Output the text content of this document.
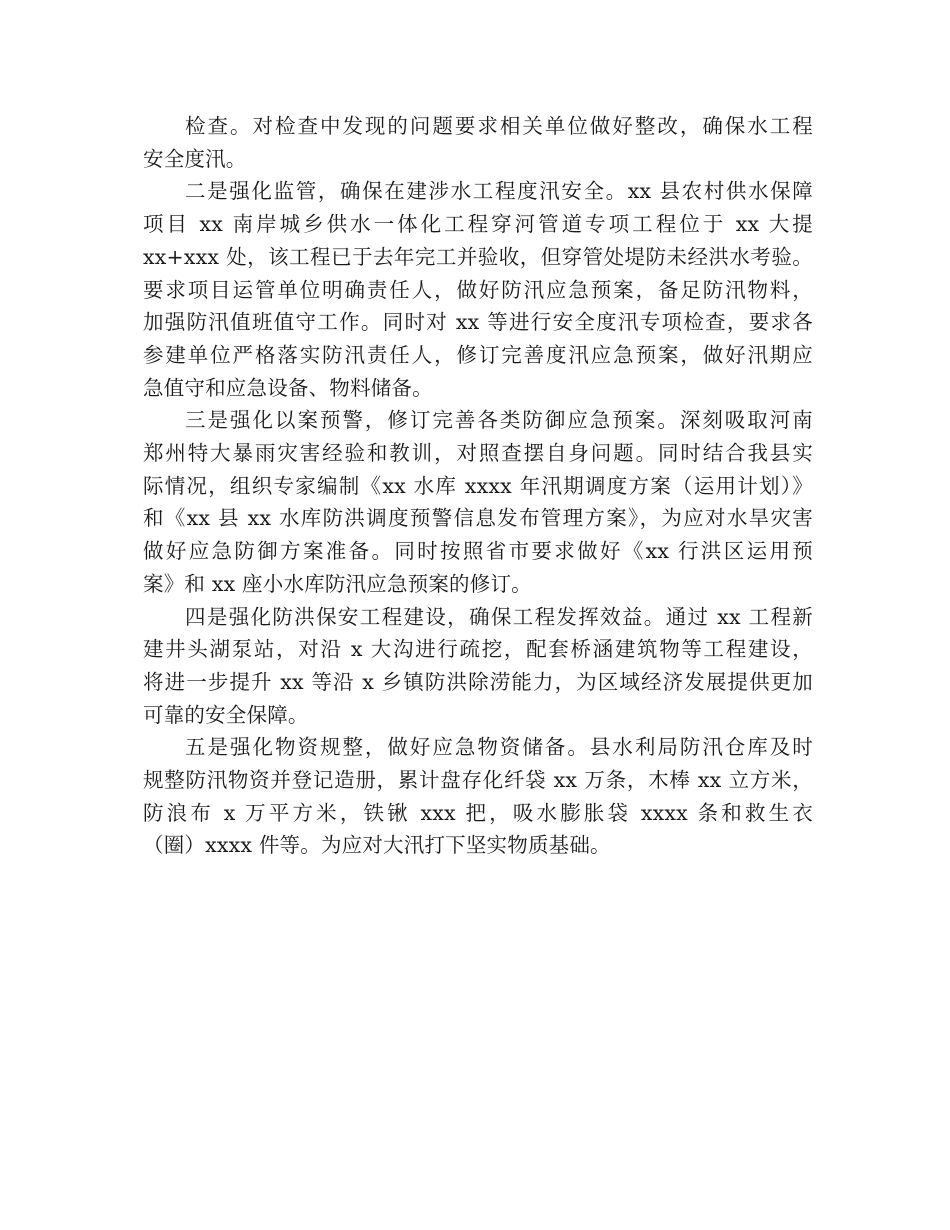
检查。对检查中发现的问题要求相关单位做好整改，确保水工程
安全度汛。
二是强化监管，确保在建涉水工程度汛安全。xx 县农村供水保障
项目 xx 南岸城乡供水一体化工程穿河管道专项工程位于 xx 大提
xx+xxx 处，该工程已于去年完工并验收，但穿管处堤防未经洪水考验。
要求项目运管单位明确责任人，做好防汛应急预案，备足防汛物料，
加强防汛值班值守工作。同时对 xx 等进行安全度汛专项检查，要求各
参建单位严格落实防汛责任人，修订完善度汛应急预案，做好汛期应
急值守和应急设备、物料储备。
三是强化以案预警，修订完善各类防御应急预案。深刻吸取河南
郑州特大暴雨灾害经验和教训，对照查摆自身问题。同时结合我县实
际情况，组织专家编制《xx 水库 xxxx 年汛期调度方案（运用计划）》
和《xx 县 xx 水库防洪调度预警信息发布管理方案》，为应对水旱灾害
做好应急防御方案准备。同时按照省市要求做好《xx 行洪区运用预
案》和 xx 座小水库防汛应急预案的修订。
四是强化防洪保安工程建设，确保工程发挥效益。通过 xx 工程新
建井头湖泵站，对沿 x 大沟进行疏挖，配套桥涵建筑物等工程建设，
将进一步提升 xx 等沿 x 乡镇防洪除涝能力，为区域经济发展提供更加
可靠的安全保障。
五是强化物资规整，做好应急物资储备。县水利局防汛仓库及时
规整防汛物资并登记造册，累计盘存化纤袋 xx 万条，木棒 xx 立方米，
防浪布 x 万平方米，铁锹 xxx 把，吸水膨胀袋 xxxx 条和救生衣
（圈）xxxx 件等。为应对大汛打下坚实物质基础。
